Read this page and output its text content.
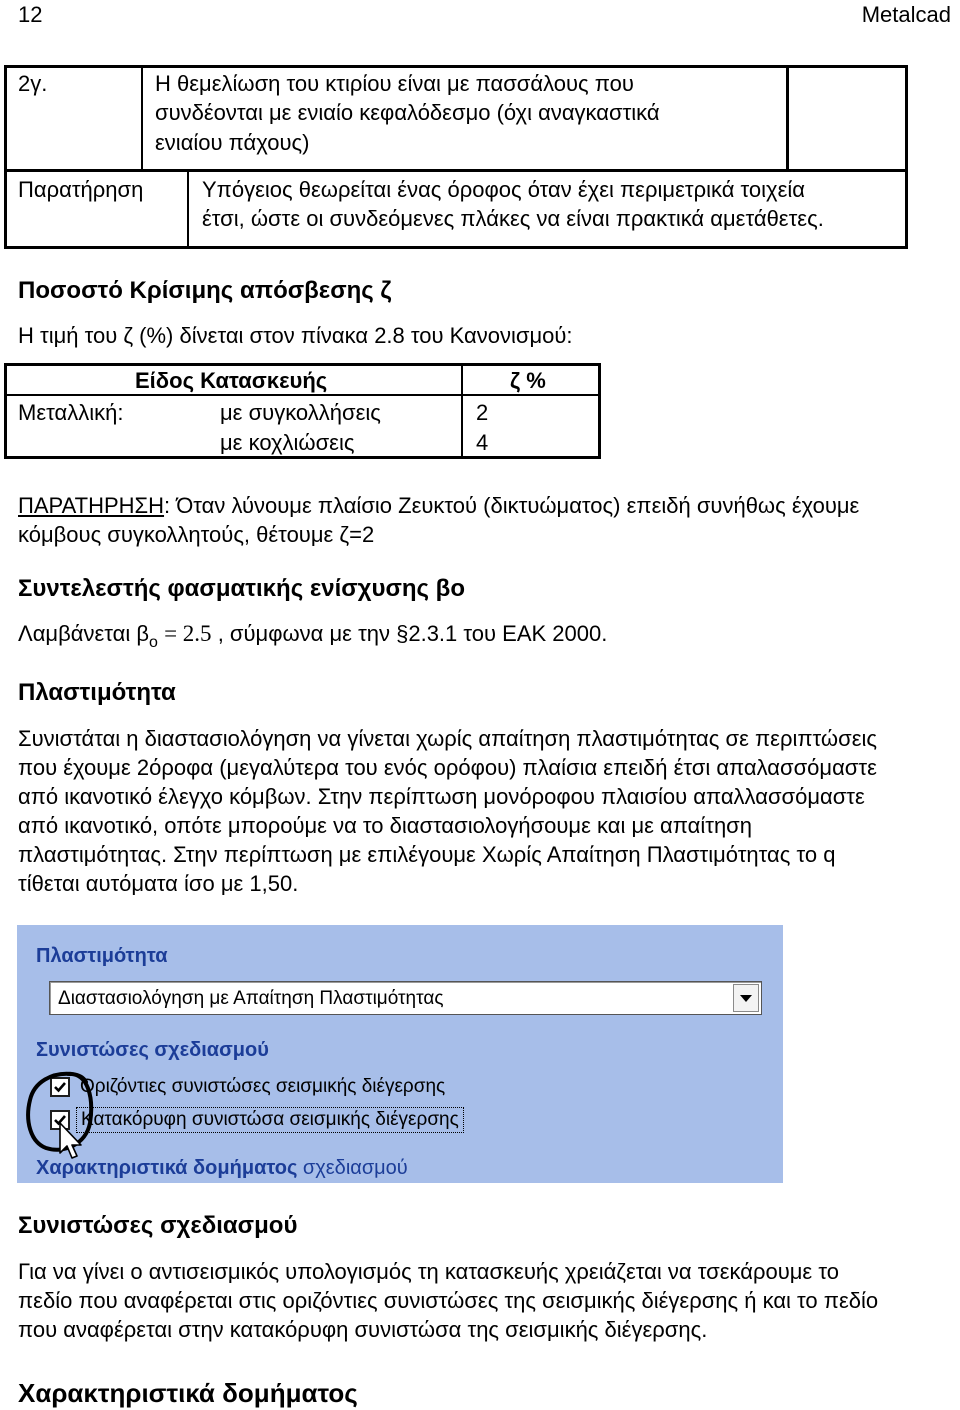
12	Metalcad
2γ.	Η θεμελίωση του κτιρίου είναι με πασσάλους που
συνδέονται με ενιαίο κεφαλόδεσμο (όχι αναγκαστικά
ενιαίου πάχους)
Παρατήρηση	Υπόγειος θεωρείται ένας όροφος όταν έχει περιμετρικά τοιχεία
έτσι, ώστε οι συνδεόμενες πλάκες να είναι πρακτικά αμετάθετες.
Ποσοστό Κρίσιμης απόσβεσης ζ
Η τιμή του ζ (%) δίνεται στον πίνακα 2.8 του Κανονισμού:
Είδος Κατασκευής	ζ %
Μεταλλική:	με συγκολλήσεις	2
με κοχλιώσεις	4
ΠΑΡΑΤΗΡΗΣΗ: Όταν λύνουμε πλαίσιο Ζευκτού (δικτυώματος) επειδή συνήθως έχουμε
κόμβους συγκολλητούς, θέτουμε ζ=2
Συντελεστής φασματικής ενίσχυσης βο
Λαμβάνεται $\beta_o = 2.5$ , σύμφωνα με την §2.3.1 του ΕΑΚ 2000.
Πλαστιμότητα
Συνιστάται η διαστασιολόγηση να γίνεται χωρίς απαίτηση πλαστιμότητας σε περιπτώσεις
που έχουμε 2όροφα (μεγαλύτερα του ενός ορόφου) πλαίσια επειδή έτσι απαλασσόμαστε
από ικανοτικό έλεγχο κόμβων. Στην περίπτωση μονόροφου πλαισίου απαλλασσόμαστε
από ικανοτικό, οπότε μπορούμε να το διαστασιολογήσουμε και με απαίτηση
πλαστιμότητας. Στην περίπτωση με επιλέγουμε Χωρίς Απαίτηση Πλαστιμότητας το q
τίθεται αυτόματα ίσο με 1,50.
Πλαστιμότητα
Διαστασιολόγηση με Απαίτηση Πλαστιμότητας
Συνιστώσες σχεδιασμού
Οριζόντιες συνιστώσες σεισμικής διέγερσης
Κατακόρυφη συνιστώσα σεισμικής διέγερσης
Χαρακτηριστικά δομήματος σχεδιασμού
Συνιστώσες σχεδιασμού
Για να γίνει ο αντισεισμικός υπολογισμός τη κατασκευής χρειάζεται να τσεκάρουμε το
πεδίο που αναφέρεται στις οριζόντιες συνιστώσες της σεισμικής διέγερσης ή και το πεδίο
που αναφέρεται στην κατακόρυφη συνιστώσα της σεισμικής διέγερσης.
Χαρακτηριστικά δομήματος
